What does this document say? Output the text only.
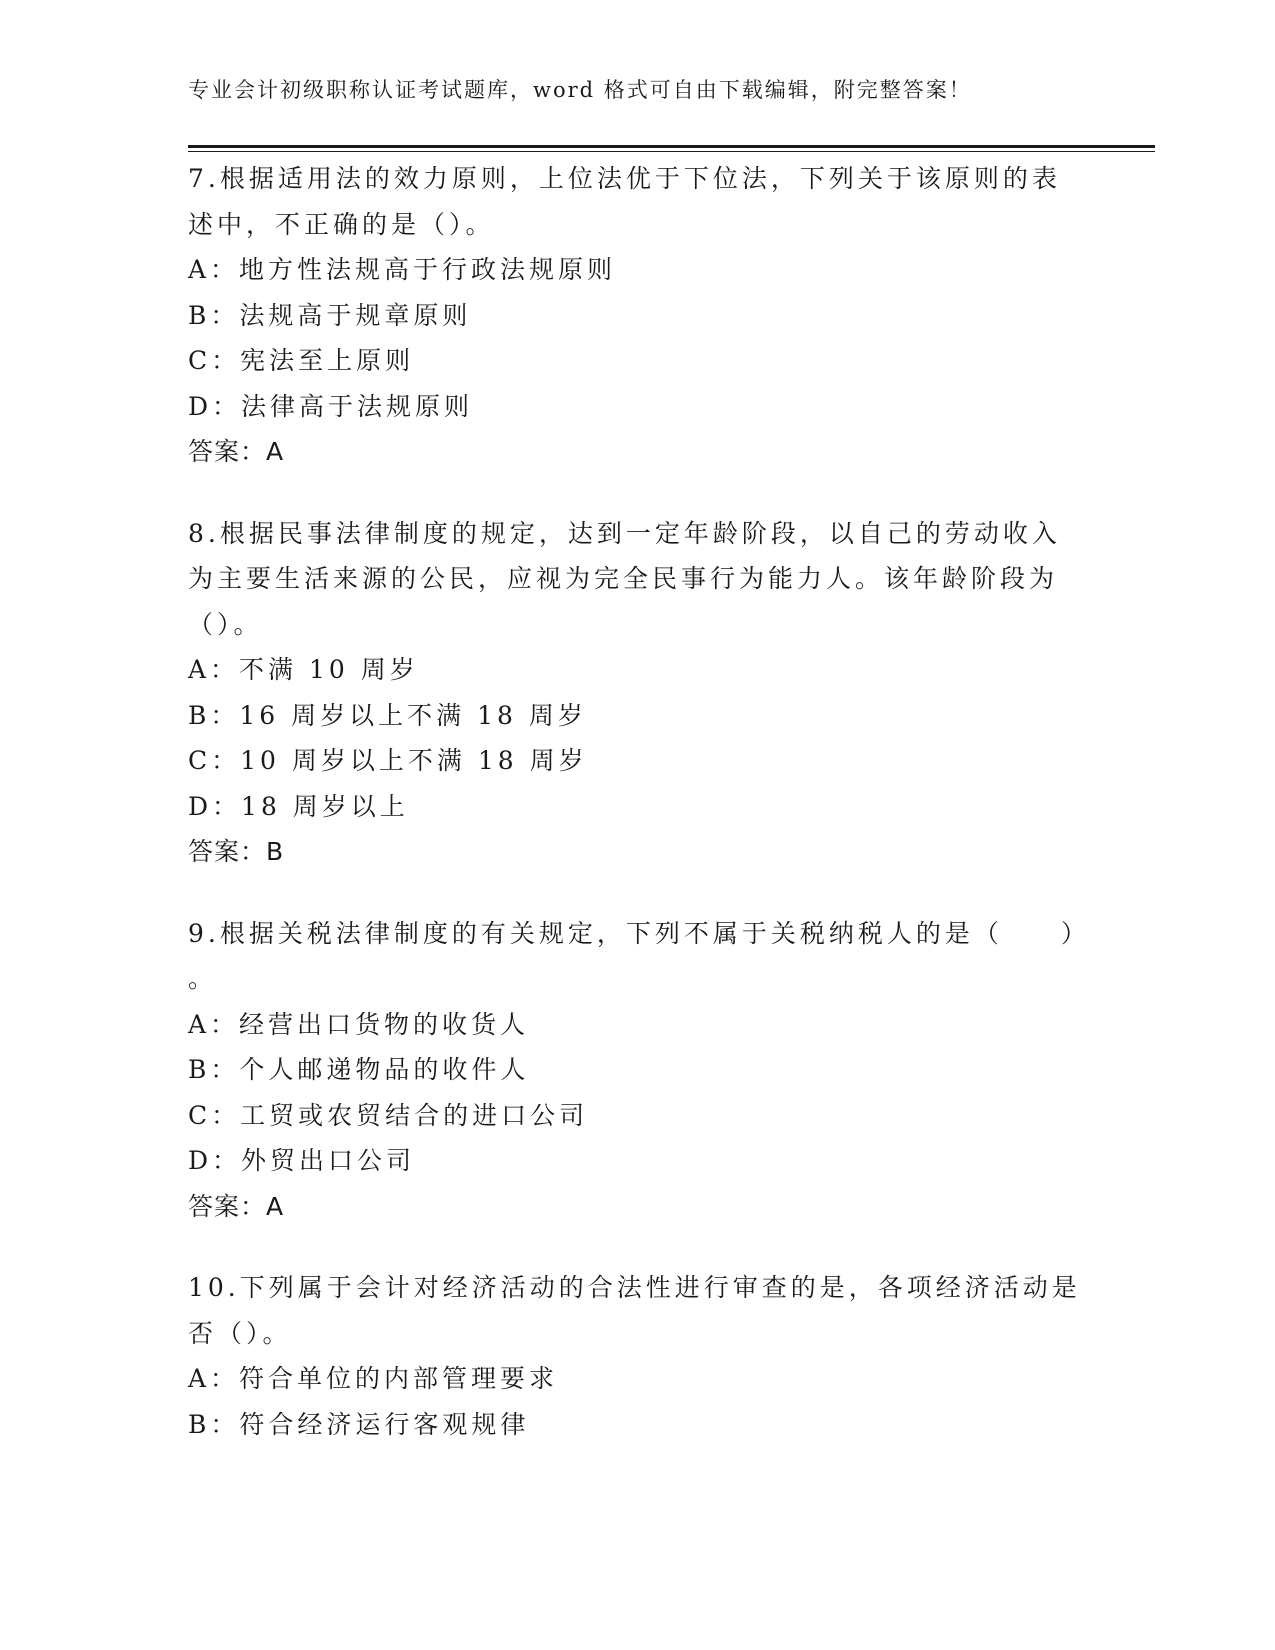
专业会计初级职称认证考试题库，word 格式可自由下载编辑，附完整答案！
7.根据适用法的效力原则，上位法优于下位法，下列关于该原则的表
述中，不正确的是（）。
A：地方性法规高于行政法规原则
B：法规高于规章原则
C：宪法至上原则
D：法律高于法规原则
答案：A
8.根据民事法律制度的规定，达到一定年龄阶段，以自己的劳动收入
为主要生活来源的公民，应视为完全民事行为能力人。该年龄阶段为
（）。
A：不满 10 周岁
B：16 周岁以上不满 18 周岁
C：10 周岁以上不满 18 周岁
D：18 周岁以上
答案：B
9.根据关税法律制度的有关规定，下列不属于关税纳税人的是（　　）
。
A：经营出口货物的收货人
B：个人邮递物品的收件人
C：工贸或农贸结合的进口公司
D：外贸出口公司
答案：A
10.下列属于会计对经济活动的合法性进行审查的是，各项经济活动是
否（）。
A：符合单位的内部管理要求
B：符合经济运行客观规律
